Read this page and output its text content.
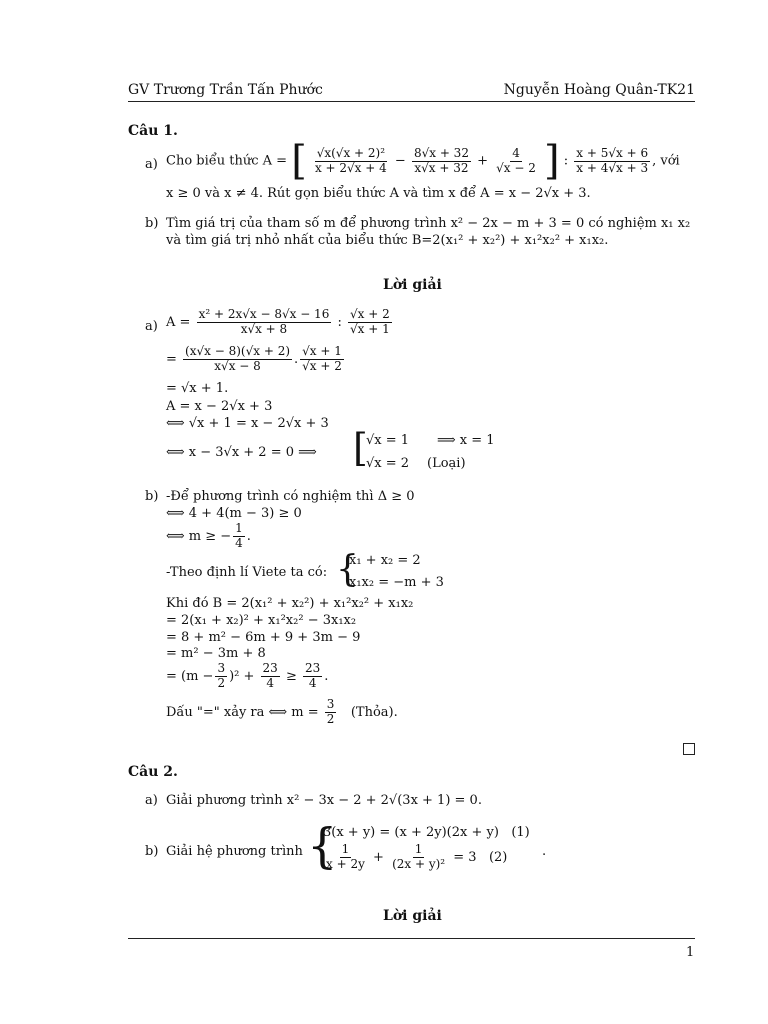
GV Trương Trần Tấn Phước	Nguyễn Hoàng Quân-TK21
Câu 1.
a) Cho biểu thức A = [ $\frac{\text{√x(√x + 2)²}}{x + 2√x + 4} - \frac{8√x + 32}{x√x + 32} + \frac{4}{√x - 2}$ ] : $\frac{x + 5√x + 6}{x + 4√x + 3}$ , với
x ≥ 0 và x ≠ 4. Rút gọn biểu thức A và tìm x để A = x − 2√x + 3.
b) Tìm giá trị của tham số m để phương trình x² − 2x − m + 3 = 0 có nghiệm x₁ x₂
và tìm giá trị nhỏ nhất của biểu thức B=2(x₁² + x₂²) + x₁²x₂² + x₁x₂.
Lời giải
a) $A = \frac{\text{x² + 2x√x − 8√x − 16}}{x√x + 8}$ : $\frac{√x + 2}{√x + 1}$
= $\frac{(x√x - 8)(√x + 2)}{x√x - 8}$ . $\frac{√x + 1}{√x + 2}$
= √x + 1.
A = x − 2√x + 3
⟺ √x + 1 = x − 2√x + 3
⟺ x − 3√x + 2 = 0 ⟹ [
√x = 1 ⟹ x = 1
√x = 2 (Loại)
b) -Để phương trình có nghiệm thì Δ ≥ 0
⟺ 4 + 4(m − 3) ≥ 0
⟺ m ≥ − $\frac{1}{4}$ .
-Theo định lí Viete ta có: {
x₁ + x₂ = 2
x₁x₂ = −m + 3
Khi đó B = 2(x₁² + x₂²) + x₁²x₂² + x₁x₂
= 2(x₁ + x₂)² + x₁²x₂² − 3x₁x₂
= 8 + m² − 6m + 9 + 3m − 9
= m² − 3m + 8
= $(m - \frac{3}{2} )^2 + \frac{23}{4} \ge \frac{23}{4}$ .
Dấu "=" xảy ra ⟺ $m = \frac{3}{2}$ (Thỏa).
Câu 2.
a) Giải phương trình x² − 3x − 2 + 2√(3x + 1) = 0.
b) Giải hệ phương trình {
3(x + y) = (x + 2y)(2x + y) (1)
$\frac{1}{x + 2y} + \frac{1}{\text{(2x + y)²}} = 3$ (2)	.
Lời giải
1
